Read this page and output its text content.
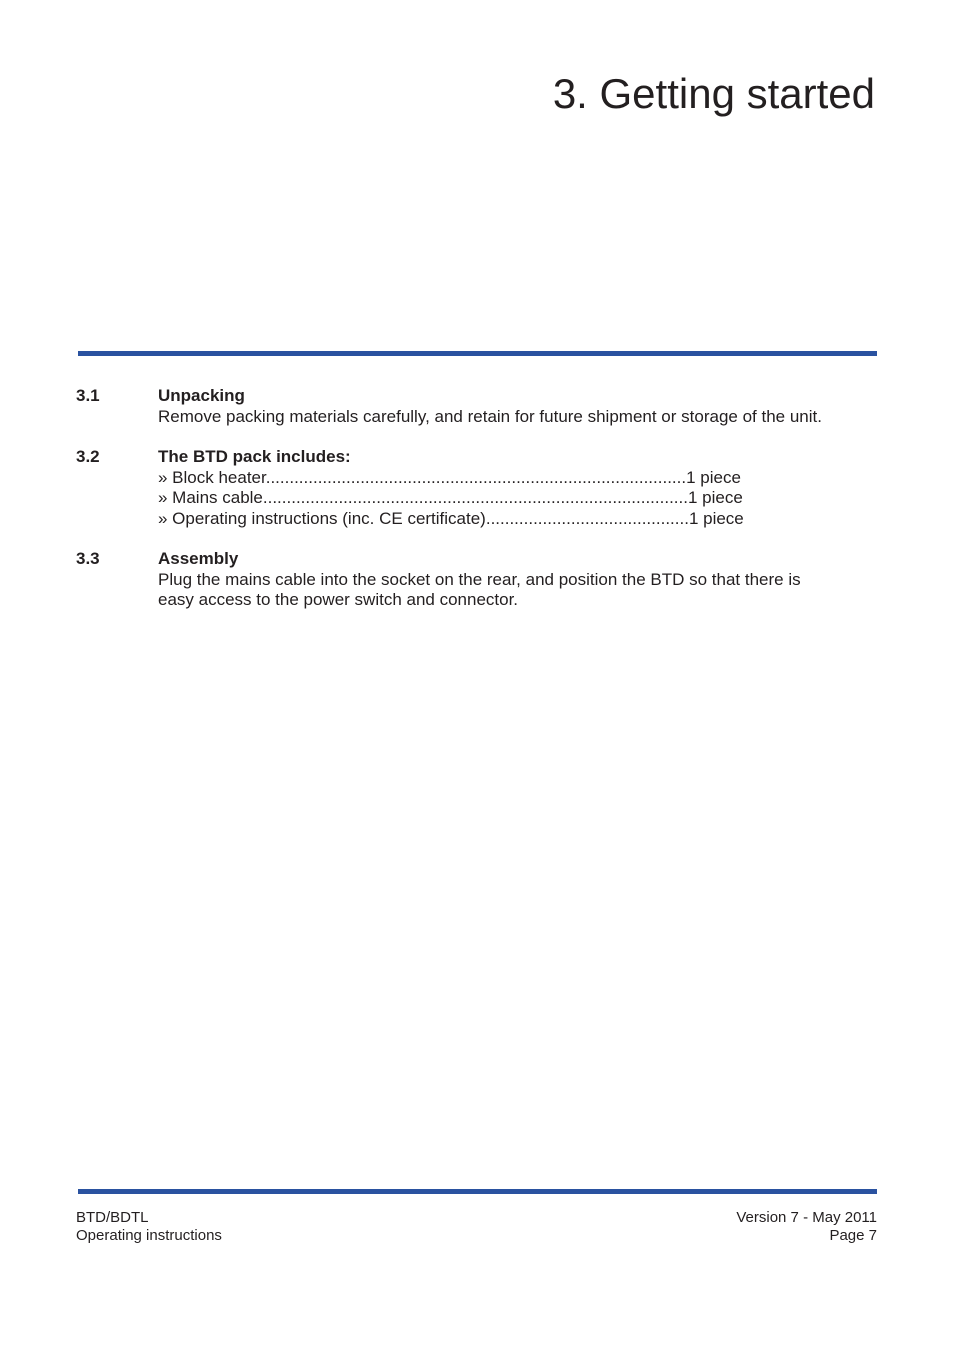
3. Getting started
3.1	Unpacking
Remove packing materials carefully, and retain for future shipment or storage of the unit.
3.2	The BTD pack includes:
» Block heater.........................................................................................1 piece
» Mains cable..........................................................................................1 piece
» Operating instructions (inc. CE certificate)...........................................1 piece
3.3	Assembly
Plug the mains cable into the socket on the rear, and position the BTD so that there is
easy access to the power switch and connector.
BTD/BDTL
Operating instructions
Version 7 - May 2011
Page 7
